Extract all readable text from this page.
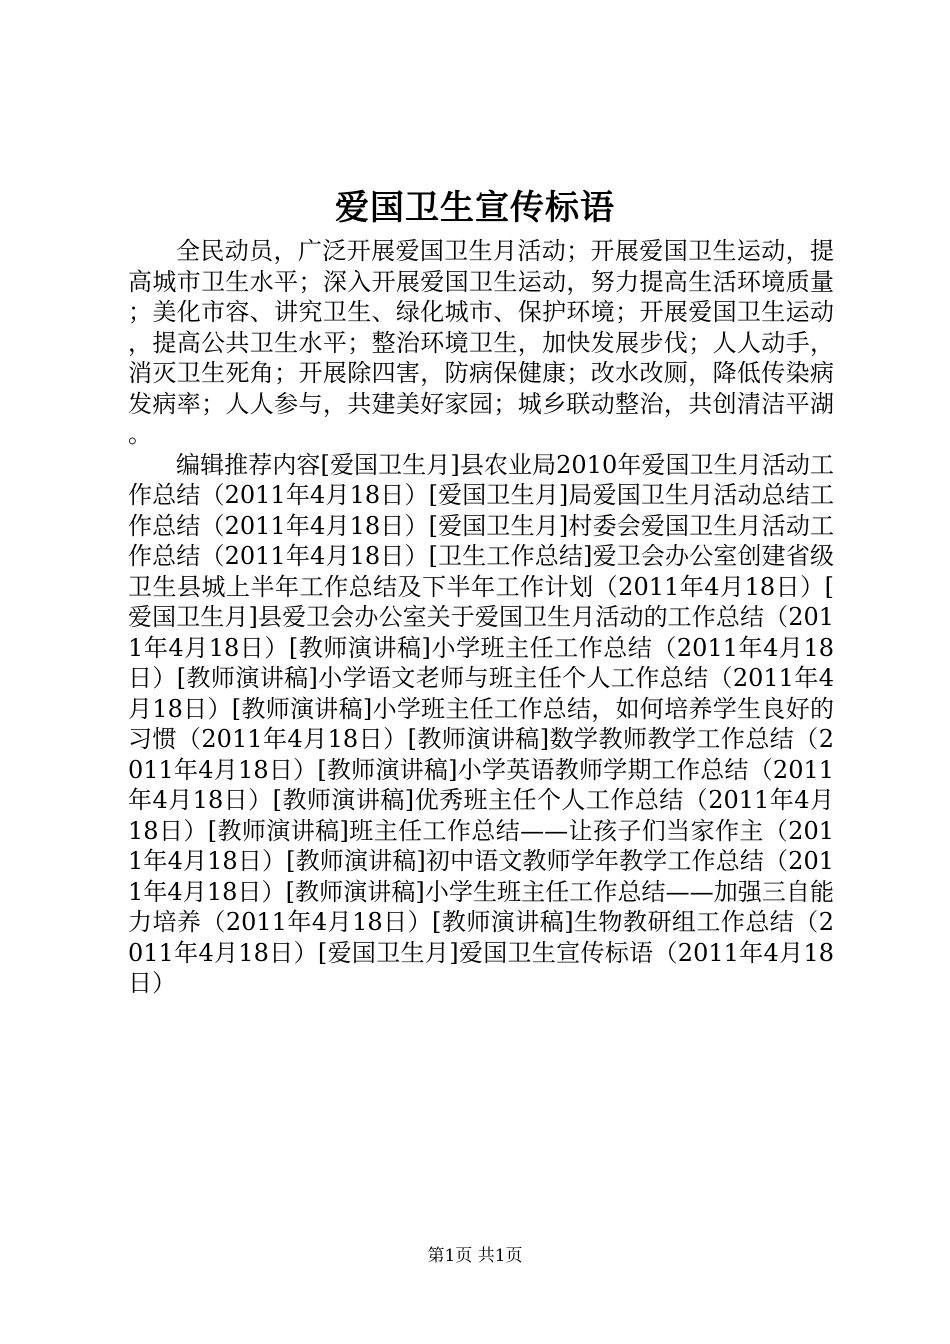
爱国卫生宣传标语

全民动员，广泛开展爱国卫生月活动；开展爱国卫生运动，提高城市卫生水平；深入开展爱国卫生运动，努力提高生活环境质量；美化市容、讲究卫生、绿化城市、保护环境；开展爱国卫生运动，提高公共卫生水平；整治环境卫生，加快发展步伐；人人动手，消灭卫生死角；开展除四害，防病保健康；改水改厕，降低传染病发病率；人人参与，共建美好家园；城乡联动整治，共创清洁平湖。

编辑推荐内容[爱国卫生月]县农业局2010年爱国卫生月活动工作总结（2011年4月18日）[爱国卫生月]局爱国卫生月活动总结工作总结（2011年4月18日）[爱国卫生月]村委会爱国卫生月活动工作总结（2011年4月18日）[卫生工作总结]爱卫会办公室创建省级卫生县城上半年工作总结及下半年工作计划（2011年4月18日）[爱国卫生月]县爱卫会办公室关于爱国卫生月活动的工作总结（2011年4月18日）[教师演讲稿]小学班主任工作总结（2011年4月18日）[教师演讲稿]小学语文老师与班主任个人工作总结（2011年4月18日）[教师演讲稿]小学班主任工作总结，如何培养学生良好的习惯（2011年4月18日）[教师演讲稿]数学教师教学工作总结（2011年4月18日）[教师演讲稿]小学英语教师学期工作总结（2011年4月18日）[教师演讲稿]优秀班主任个人工作总结（2011年4月18日）[教师演讲稿]班主任工作总结——让孩子们当家作主（2011年4月18日）[教师演讲稿]初中语文教师学年教学工作总结（2011年4月18日）[教师演讲稿]小学生班主任工作总结——加强三自能力培养（2011年4月18日）[教师演讲稿]生物教研组工作总结（2011年4月18日）[爱国卫生月]爱国卫生宣传标语（2011年4月18日）

第1页 共1页
